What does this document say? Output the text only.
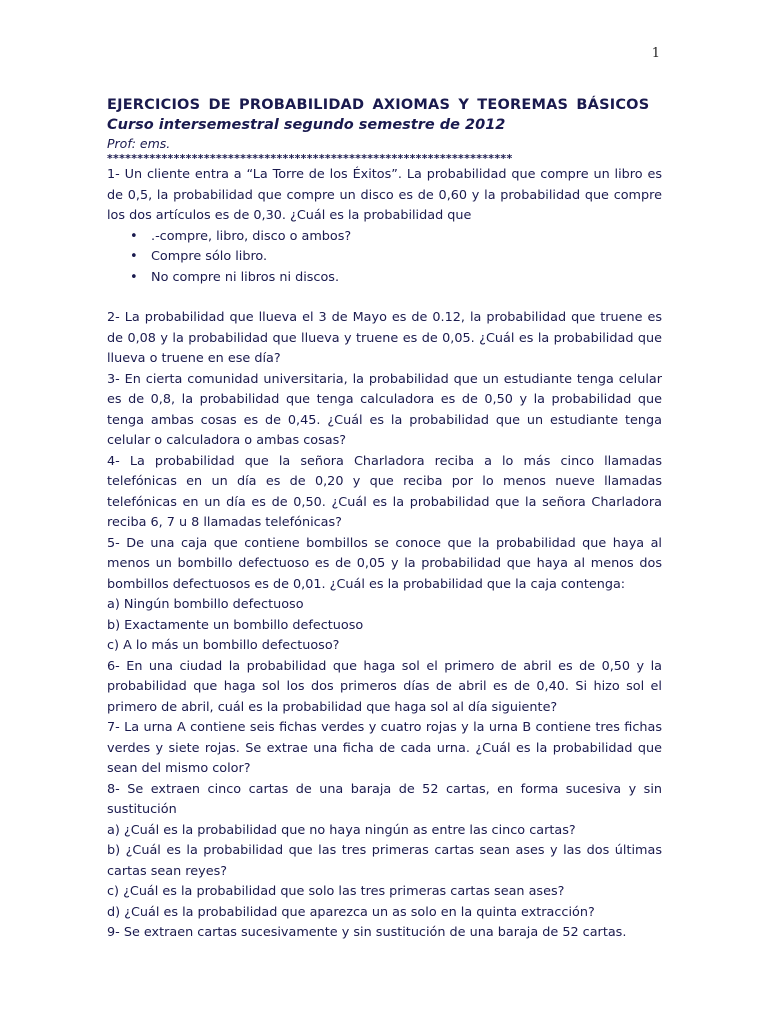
1
EJERCICIOS DE PROBABILIDAD AXIOMAS Y TEOREMAS BÁSICOS
Curso intersemestral segundo semestre de 2012
Prof: ems.
*******************************************************************

1- Un cliente entra a “La Torre de los Éxitos”. La probabilidad que compre un libro es de 0,5, la probabilidad que compre un disco es de 0,60 y la probabilidad que compre los dos artículos es de 0,30. ¿Cuál es la probabilidad que

• .-compre, libro, disco o ambos?
• Compre sólo libro.
• No compre ni libros ni discos.

2- La probabilidad que llueva el 3 de Mayo es de 0.12, la probabilidad que truene es de 0,08 y la probabilidad que llueva y truene es de 0,05. ¿Cuál es la probabilidad que llueva o truene en ese día?

3- En cierta comunidad universitaria, la probabilidad que un estudiante tenga celular es de 0,8, la probabilidad que tenga calculadora es de 0,50 y la probabilidad que tenga ambas cosas es de 0,45. ¿Cuál es la probabilidad que un estudiante tenga celular o calculadora o ambas cosas?

4- La probabilidad que la señora Charladora reciba a lo más cinco llamadas telefónicas en un día es de 0,20 y que reciba por lo menos nueve llamadas telefónicas en un día es de 0,50. ¿Cuál es la probabilidad que la señora Charladora reciba 6, 7 u 8 llamadas telefónicas?

5- De una caja que contiene bombillos se conoce que la probabilidad que haya al menos un bombillo defectuoso es de 0,05 y la probabilidad que haya al menos dos bombillos defectuosos es de 0,01. ¿Cuál es la probabilidad que la caja contenga:

a) Ningún bombillo defectuoso

b) Exactamente un bombillo defectuoso

c) A lo más un bombillo defectuoso?

6- En una ciudad la probabilidad que haga sol el primero de abril es de 0,50 y la probabilidad que haga sol los dos primeros días de abril es de 0,40. Si hizo sol el primero de abril, cuál es la probabilidad que haga sol al día siguiente?

7- La urna A contiene seis fichas verdes y cuatro rojas y la urna B contiene tres fichas verdes y siete rojas. Se extrae una ficha de cada urna. ¿Cuál es la probabilidad que sean del mismo color?

8- Se extraen cinco cartas de una baraja de 52 cartas, en forma sucesiva y sin sustitución

a) ¿Cuál es la probabilidad que no haya ningún as entre las cinco cartas?

b) ¿Cuál es la probabilidad que las tres primeras cartas sean ases y las dos últimas cartas sean reyes?

c) ¿Cuál es la probabilidad que solo las tres primeras cartas sean ases?

d) ¿Cuál es la probabilidad que aparezca un as solo en la quinta extracción?

9- Se extraen cartas sucesivamente y sin sustitución de una baraja de 52 cartas.
